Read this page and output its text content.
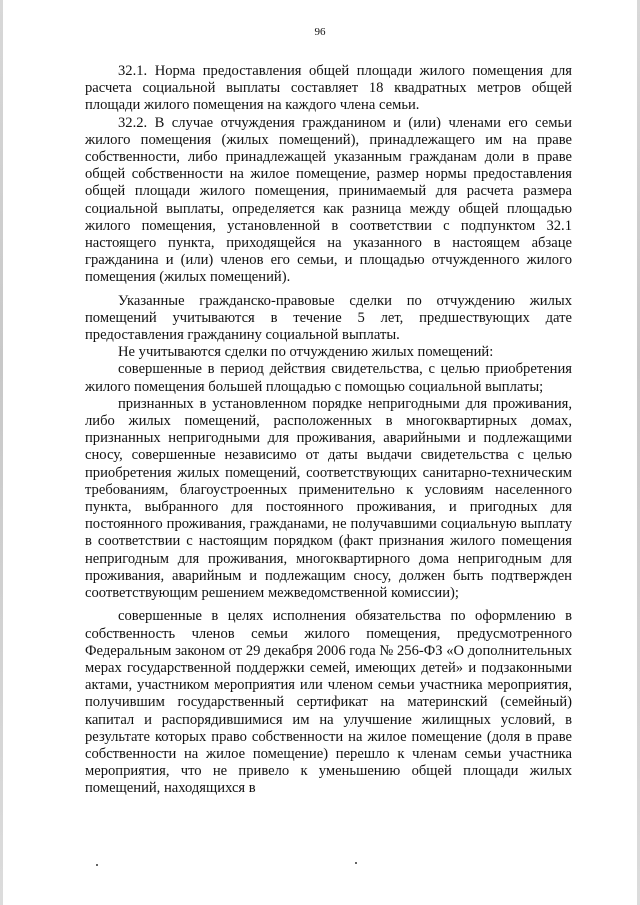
96

32.1. Норма предоставления общей площади жилого помещения для расчета социальной выплаты составляет 18 квадратных метров общей площади жилого помещения на каждого члена семьи.

32.2. В случае отчуждения гражданином и (или) членами его семьи жилого помещения (жилых помещений), принадлежащего им на праве собственности, либо принадлежащей указанным гражданам доли в праве общей собственности на жилое помещение, размер нормы предоставления общей площади жилого помещения, принимаемый для расчета размера социальной выплаты, определяется как разница между общей площадью жилого помещения, установленной в соответствии с подпунктом 32.1 настоящего пункта, приходящейся на указанного в настоящем абзаце гражданина и (или) членов его семьи, и площадью отчужденного жилого помещения (жилых помещений).

Указанные гражданско-правовые сделки по отчуждению жилых помещений учитываются в течение 5 лет, предшествующих дате предоставления гражданину социальной выплаты.

Не учитываются сделки по отчуждению жилых помещений:

совершенные в период действия свидетельства, с целью приобретения жилого помещения большей площадью с помощью социальной выплаты;

признанных в установленном порядке непригодными для проживания, либо жилых помещений, расположенных в многоквартирных домах, признанных непригодными для проживания, аварийными и подлежащими сносу, совершенные независимо от даты выдачи свидетельства с целью приобретения жилых помещений, соответствующих санитарно-техническим требованиям, благоустроенных применительно к условиям населенного пункта, выбранного для постоянного проживания, и пригодных для постоянного проживания, гражданами, не получавшими социальную выплату в соответствии с настоящим порядком (факт признания жилого помещения непригодным для проживания, многоквартирного дома непригодным для проживания, аварийным и подлежащим сносу, должен быть подтвержден соответствующим решением межведомственной комиссии);

совершенные в целях исполнения обязательства по оформлению в собственность членов семьи жилого помещения, предусмотренного Федеральным законом от 29 декабря 2006 года № 256-ФЗ «О дополнительных мерах государственной поддержки семей, имеющих детей» и подзаконными актами, участником мероприятия или членом семьи участника мероприятия, получившим государственный сертификат на материнский (семейный) капитал и распорядившимися им на улучшение жилищных условий, в результате которых право собственности на жилое помещение (доля в праве собственности на жилое помещение) перешло к членам семьи участника мероприятия, что не привело к уменьшению общей площади жилых помещений, находящихся в
